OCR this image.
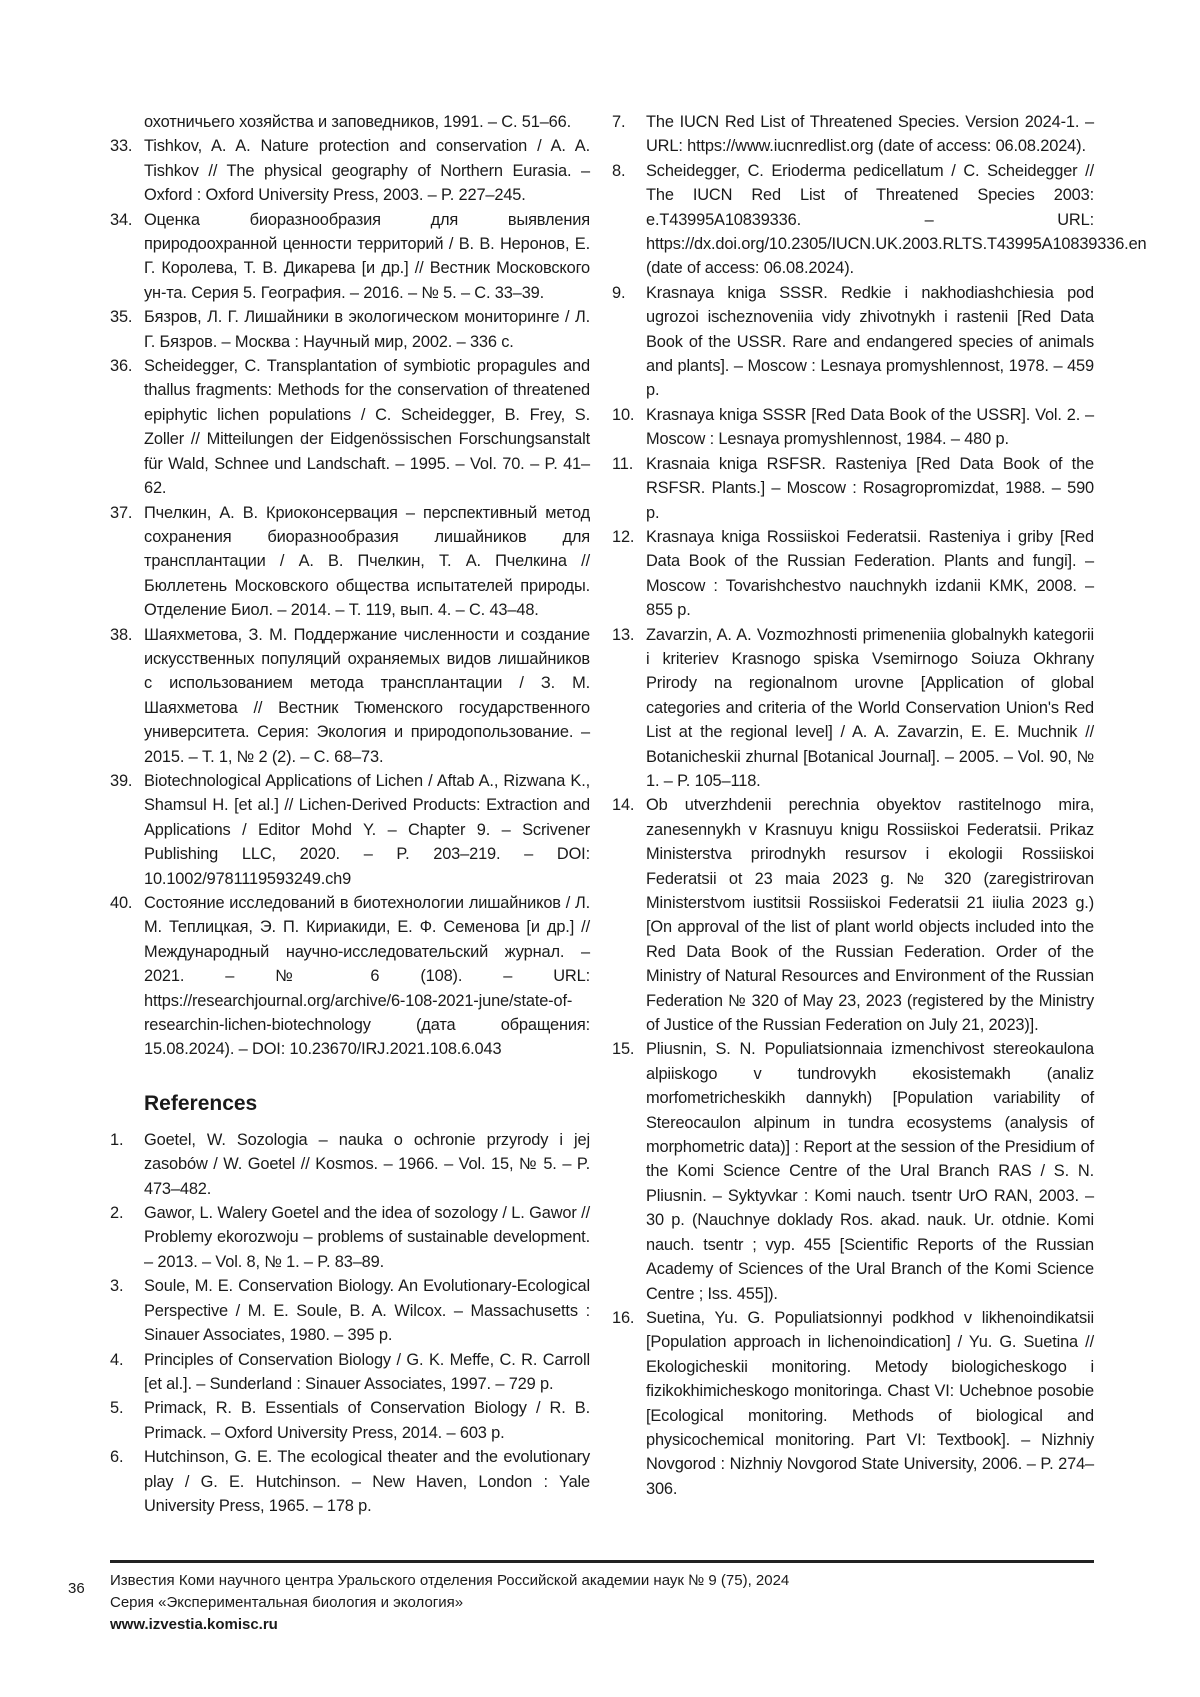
охотничьего хозяйства и заповедников, 1991. – С. 51–66.

33. Tishkov, A. A. Nature protection and conservation / A. A. Tishkov // The physical geography of Northern Eurasia. – Oxford : Oxford University Press, 2003. – P. 227–245.

34. Оценка биоразнообразия для выявления природоохранной ценности территорий / В. В. Неронов, Е. Г. Королева, Т. В. Дикарева [и др.] // Вестник Московского ун-та. Серия 5. География. – 2016. – № 5. – С. 33–39.

35. Бязров, Л. Г. Лишайники в экологическом мониторинге / Л. Г. Бязров. – Москва : Научный мир, 2002. – 336 с.

36. Scheidegger, C. Transplantation of symbiotic propagules and thallus fragments: Methods for the conservation of threatened epiphytic lichen populations / C. Scheidegger, B. Frey, S. Zoller // Mitteilungen der Eidgenössischen Forschungsanstalt für Wald, Schnee und Landschaft. – 1995. – Vol. 70. – P. 41–62.

37. Пчелкин, А. В. Криоконсервация – перспективный метод сохранения биоразнообразия лишайников для трансплантации / А. В. Пчелкин, Т. А. Пчелкина // Бюллетень Московского общества испытателей природы. Отделение Биол. – 2014. – Т. 119, вып. 4. – С. 43–48.

38. Шаяхметова, З. М. Поддержание численности и создание искусственных популяций охраняемых видов лишайников с использованием метода трансплантации / З. М. Шаяхметова // Вестник Тюменского государственного университета. Серия: Экология и природопользование. – 2015. – Т. 1, № 2 (2). – С. 68–73.

39. Biotechnological Applications of Lichen / Aftab A., Rizwana K., Shamsul H. [et al.] // Lichen-Derived Products: Extraction and Applications / Editor Mohd Y. – Chapter 9. – Scrivener Publishing LLC, 2020. – P. 203–219. – DOI: 10.1002/9781119593249.ch9

40. Состояние исследований в биотехнологии лишайников / Л. М. Теплицкая, Э. П. Кириакиди, Е. Ф. Семенова [и др.] // Международный научно-исследовательский журнал. – 2021. – № 6 (108). – URL: https://researchjournal.org/archive/6-108-2021-june/state-of-researchin-lichen-biotechnology (дата обращения: 15.08.2024). – DOI: 10.23670/IRJ.2021.108.6.043

References

1. Goetel, W. Sozologia – nauka o ochronie przyrody i jej zasobów / W. Goetel // Kosmos. – 1966. – Vol. 15, № 5. – P. 473–482.

2. Gawor, L. Walery Goetel and the idea of sozology / L. Gawor // Problemy ekorozwoju – problems of sustainable development. – 2013. – Vol. 8, № 1. – P. 83–89.

3. Soule, M. E. Conservation Biology. An Evolutionary-Ecological Perspective / M. E. Soule, B. A. Wilcox. – Massachusetts : Sinauer Associates, 1980. – 395 p.

4. Principles of Conservation Biology / G. K. Meffe, C. R. Carroll [et al.]. – Sunderland : Sinauer Associates, 1997. – 729 p.

5. Primack, R. B. Essentials of Conservation Biology / R. B. Primack. – Oxford University Press, 2014. – 603 p.

6. Hutchinson, G. E. The ecological theater and the evolutionary play / G. E. Hutchinson. – New Haven, London : Yale University Press, 1965. – 178 p.

7. The IUCN Red List of Threatened Species. Version 2024-1. – URL: https://www.iucnredlist.org (date of access: 06.08.2024).

8. Scheidegger, C. Erioderma pedicellatum / C. Scheidegger // The IUCN Red List of Threatened Species 2003: e.T43995A10839336. – URL: https://dx.doi.org/10.2305/IUCN.UK.2003.RLTS.T43995A10839336.en (date of access: 06.08.2024).

9. Krasnaya kniga SSSR. Redkie i nakhodiashchiesia pod ugrozoi ischeznoveniia vidy zhivotnykh i rastenii [Red Data Book of the USSR. Rare and endangered species of animals and plants]. – Moscow : Lesnaya promyshlennost, 1978. – 459 p.

10. Krasnaya kniga SSSR [Red Data Book of the USSR]. Vol. 2. – Moscow : Lesnaya promyshlennost, 1984. – 480 p.

11. Krasnaia kniga RSFSR. Rasteniya [Red Data Book of the RSFSR. Plants.] – Moscow : Rosagropromizdat, 1988. – 590 p.

12. Krasnaya kniga Rossiiskoi Federatsii. Rasteniya i griby [Red Data Book of the Russian Federation. Plants and fungi]. – Moscow : Tovarishchestvo nauchnykh izdanii KMK, 2008. – 855 p.

13. Zavarzin, A. A. Vozmozhnosti primeneniia globalnykh kategorii i kriteriev Krasnogo spiska Vsemirnogo Soiuza Okhrany Prirody na regionalnom urovne [Application of global categories and criteria of the World Conservation Union's Red List at the regional level] / A. A. Zavarzin, E. E. Muchnik // Botanicheskii zhurnal [Botanical Journal]. – 2005. – Vol. 90, № 1. – P. 105–118.

14. Ob utverzhdenii perechnia obyektov rastitelnogo mira, zanesennykh v Krasnuyu knigu Rossiiskoi Federatsii. Prikaz Ministerstva prirodnykh resursov i ekologii Rossiiskoi Federatsii ot 23 maia 2023 g. № 320 (zaregistrirovan Ministerstvom iustitsii Rossiiskoi Federatsii 21 iiulia 2023 g.) [On approval of the list of plant world objects included into the Red Data Book of the Russian Federation. Order of the Ministry of Natural Resources and Environment of the Russian Federation № 320 of May 23, 2023 (registered by the Ministry of Justice of the Russian Federation on July 21, 2023)].

15. Pliusnin, S. N. Populiatsionnaia izmenchivost stereokaulona alpiiskogo v tundrovykh ekosistemakh (analiz morfometricheskikh dannykh) [Population variability of Stereocaulon alpinum in tundra ecosystems (analysis of morphometric data)] : Report at the session of the Presidium of the Komi Science Centre of the Ural Branch RAS / S. N. Pliusnin. – Syktyvkar : Komi nauch. tsentr UrO RAN, 2003. – 30 p. (Nauchnye doklady Ros. akad. nauk. Ur. otdnie. Komi nauch. tsentr ; vyp. 455 [Scientific Reports of the Russian Academy of Sciences of the Ural Branch of the Komi Science Centre ; Iss. 455]).

16. Suetina, Yu. G. Populiatsionnyi podkhod v likhenoindikatsii [Population approach in lichenoindication] / Yu. G. Suetina // Ekologicheskii monitoring. Metody biologicheskogo i fizikokhimicheskogo monitoringa. Chast VI: Uchebnoe posobie [Ecological monitoring. Methods of biological and physicochemical monitoring. Part VI: Textbook]. – Nizhniy Novgorod : Nizhniy Novgorod State University, 2006. – P. 274–306.

36 Известия Коми научного центра Уральского отделения Российской академии наук № 9 (75), 2024
Серия «Экспериментальная биология и экология»
www.izvestia.komisc.ru
